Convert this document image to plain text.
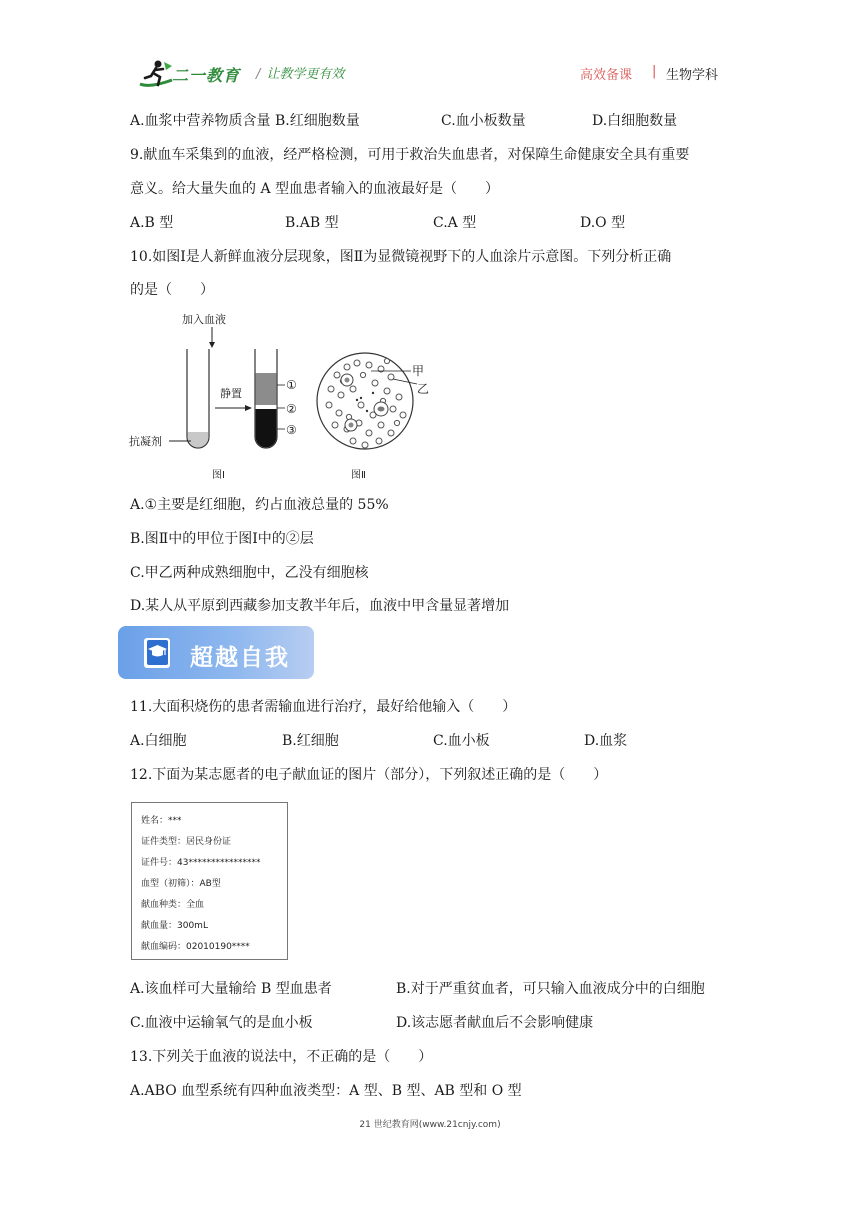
二一教育 / 让教学更有效	高效备课 | 生物学科
A.血浆中营养物质含量 B.红细胞数量	C.血小板数量	D.白细胞数量
9.献血车采集到的血液，经严格检测，可用于救治失血患者，对保障生命健康安全具有重要
意义。给大量失血的 A 型血患者输入的血液最好是（　　）
A.B 型	B.AB 型	C.A 型	D.O 型
10.如图Ⅰ是人新鲜血液分层现象，图Ⅱ为显微镜视野下的人血涂片示意图。下列分析正确
的是（　　）
加入血液
抗凝剂
静置
①
②
③
甲
乙
图Ⅰ	图Ⅱ
A.①主要是红细胞，约占血液总量的 55%
B.图Ⅱ中的甲位于图Ⅰ中的②层
C.甲乙两种成熟细胞中，乙没有细胞核
D.某人从平原到西藏参加支教半年后，血液中甲含量显著增加
超越自我
11.大面积烧伤的患者需输血进行治疗，最好给他输入（　　）
A.白细胞	B.红细胞	C.血小板	D.血浆
12.下面为某志愿者的电子献血证的图片（部分），下列叙述正确的是（　　）
姓名：***
证件类型：居民身份证
证件号：43****************
血型（初筛）：AB型
献血种类：全血
献血量：300mL
献血编码：02010190****
A.该血样可大量输给 B 型血患者	B.对于严重贫血者，可只输入血液成分中的白细胞
C.血液中运输氧气的是血小板	D.该志愿者献血后不会影响健康
13.下列关于血液的说法中，不正确的是（　　）
A.ABO 血型系统有四种血液类型：A 型、B 型、AB 型和 O 型
21 世纪教育网(www.21cnjy.com)
